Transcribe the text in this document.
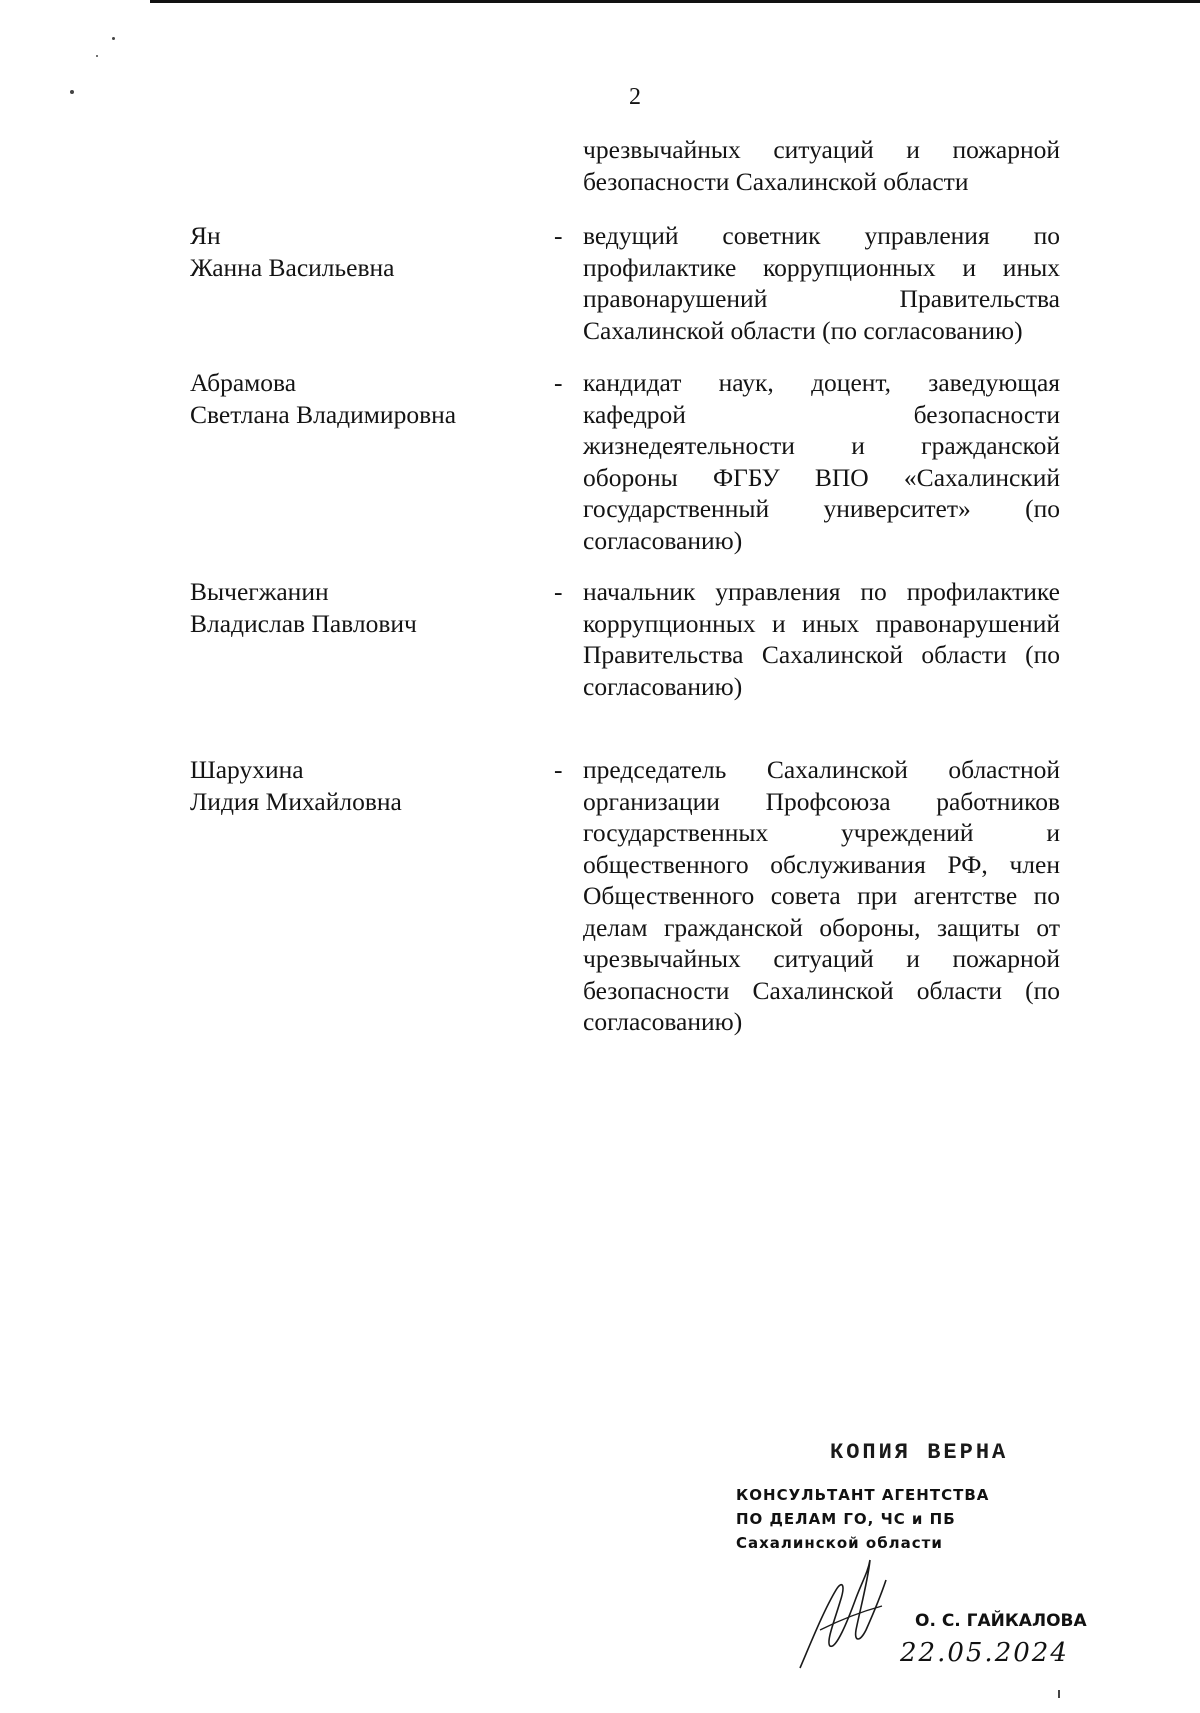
2
чрезвычайных ситуаций и пожарной
безопасности Сахалинской области
Ян
Жанна Васильевна
- ведущий советник управления по
профилактике коррупционных и иных
правонарушений Правительства
Сахалинской области (по согласованию)
Абрамова
Светлана Владимировна
- кандидат наук, доцент, заведующая
кафедрой безопасности
жизнедеятельности и гражданской
обороны ФГБУ ВПО «Сахалинский
государственный университет» (по
согласованию)
Вычегжанин
Владислав Павлович
- начальник управления по профилактике
коррупционных и иных правонарушений
Правительства Сахалинской области (по
согласованию)
Шарухина
Лидия Михайловна
- председатель Сахалинской областной
организации Профсоюза работников
государственных учреждений и
общественного обслуживания РФ, член
Общественного совета при агентстве по
делам гражданской обороны, защиты от
чрезвычайных ситуаций и пожарной
безопасности Сахалинской области (по
согласованию)
КОПИЯ ВЕРНА
КОНСУЛЬТАНТ АГЕНТСТВА
ПО ДЕЛАМ ГО, ЧС и ПБ
Сахалинской области
О. С. ГАЙКАЛОВА
22.05.2024
